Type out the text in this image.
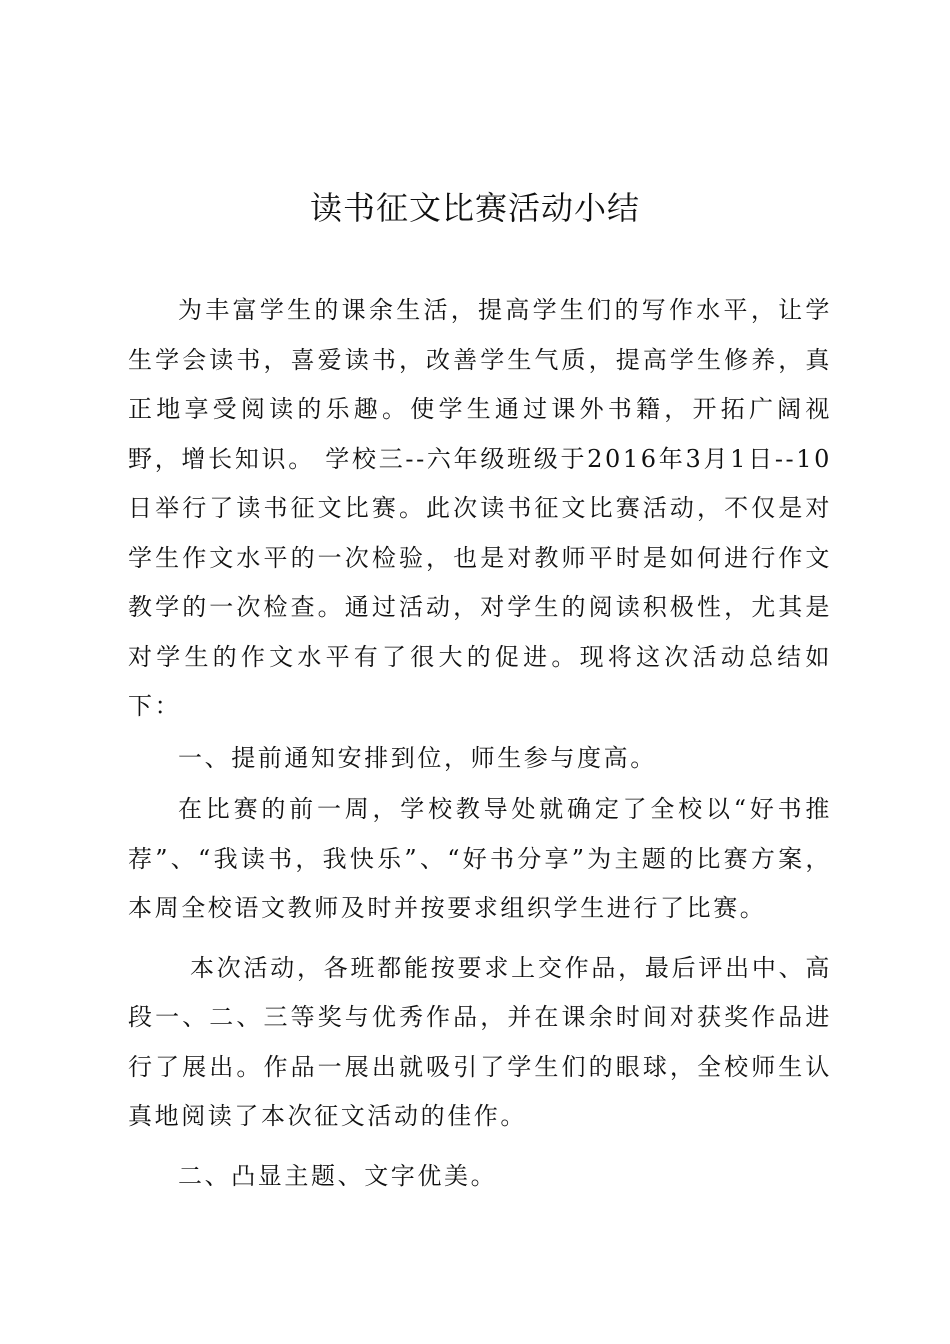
读书征文比赛活动小结

为丰富学生的课余生活，提高学生们的写作水平，让学生学会读书，喜爱读书，改善学生气质，提高学生修养，真正地享受阅读的乐趣。使学生通过课外书籍，开拓广阔视野，增长知识。 学校三--六年级班级于2016年3月1日--10日举行了读书征文比赛。此次读书征文比赛活动，不仅是对学生作文水平的一次检验，也是对教师平时是如何进行作文教学的一次检查。通过活动，对学生的阅读积极性，尤其是对学生的作文水平有了很大的促进。现将这次活动总结如下：

一、提前通知安排到位，师生参与度高。

在比赛的前一周，学校教导处就确定了全校以“好书推荐”、“我读书，我快乐”、“好书分享”为主题的比赛方案，本周全校语文教师及时并按要求组织学生进行了比赛。

本次活动，各班都能按要求上交作品，最后评出中、高段一、二、三等奖与优秀作品，并在课余时间对获奖作品进行了展出。作品一展出就吸引了学生们的眼球，全校师生认真地阅读了本次征文活动的佳作。

二、凸显主题、文字优美。
